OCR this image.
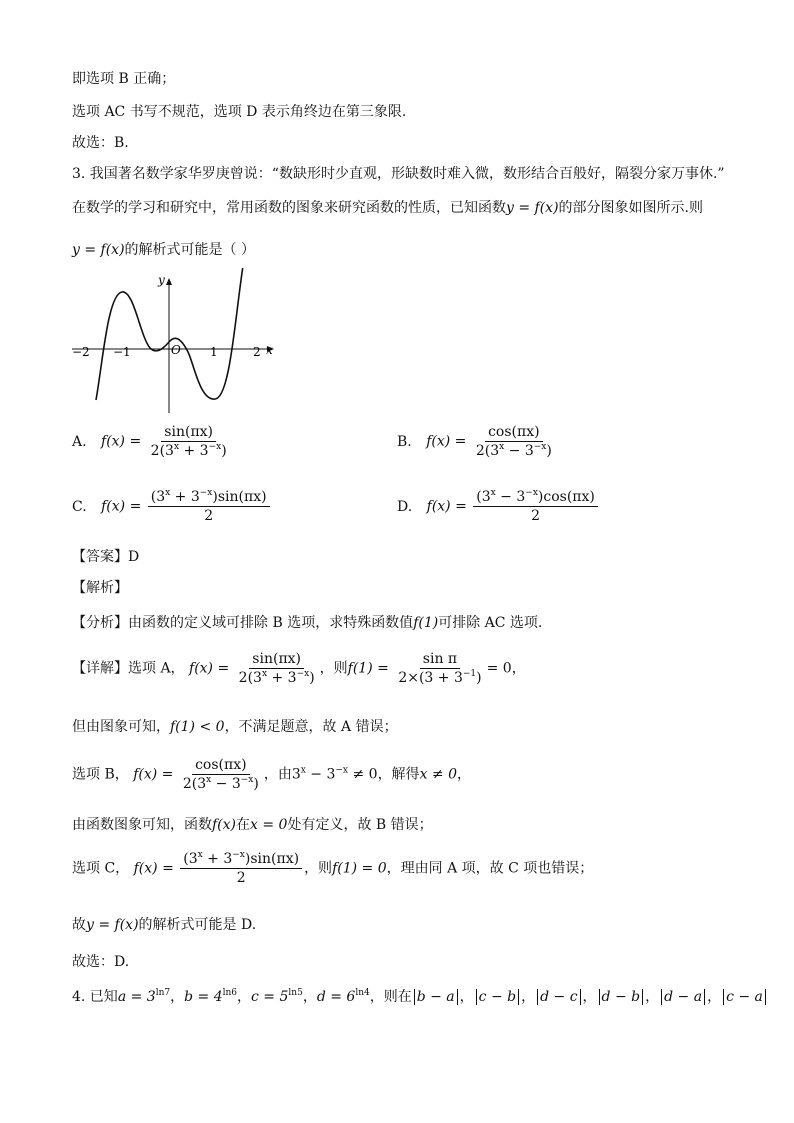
即选项 B 正确；
选项 AC 书写不规范，选项 D 表示角终边在第三象限.
故选：B.
3. 我国著名数学家华罗庚曾说：“数缺形时少直观，形缺数时难入微，数形结合百般好，隔裂分家万事休.”
在数学的学习和研究中，常用函数的图象来研究函数的性质，已知函数y = f(x)的部分图象如图所示.则
y = f(x)的解析式可能是（ ）
y
x
O
−2 −1	1	2
A. $f(x) = \frac{\sin(\pi x)}{2(3^x + 3^{-x})}$	B. $f(x) = \frac{\cos(\pi x)}{2(3^x - 3^{-x})}$
C. $f(x) = \frac{(3^x + 3^{-x})\sin(\pi x)}{2}$	D. $f(x) = \frac{(3^x - 3^{-x})\cos(\pi x)}{2}$
【答案】D
【解析】
【分析】由函数的定义域可排除 B 选项，求特殊函数值f(1)可排除 AC 选项.
【详解】选项 A， $f(x) = \frac{\sin(\pi x)}{2(3^x + 3^{-x})}$ ，则$f(1) = \frac{\text{sin π}}{2\times(3 + 3^{-1})} = 0$，
但由图象可知，f(1) < 0，不满足题意，故 A 错误；
选项 B， $f(x) = \frac{\cos(\pi x)}{2(3^x - 3^{-x})}$ ，由$3^x - 3^{-x} \ne 0$，解得x ≠ 0，
由函数图象可知，函数f(x)在x = 0处有定义，故 B 错误；
选项 C， $f(x) = \frac{(3^x + 3^{-x})\sin(\pi x)}{2}$ ，则f(1) = 0，理由同 A 项，故 C 项也错误；
故y = f(x)的解析式可能是 D.
故选：D.
4. 已知$a = 3^{ln7}$，$b = 4^{ln6}$，$c = 5^{ln5}$，$d = 6^{ln4}$，则在 b − a ， c − b ， d − c ， d − b ， d − a ， c − a
